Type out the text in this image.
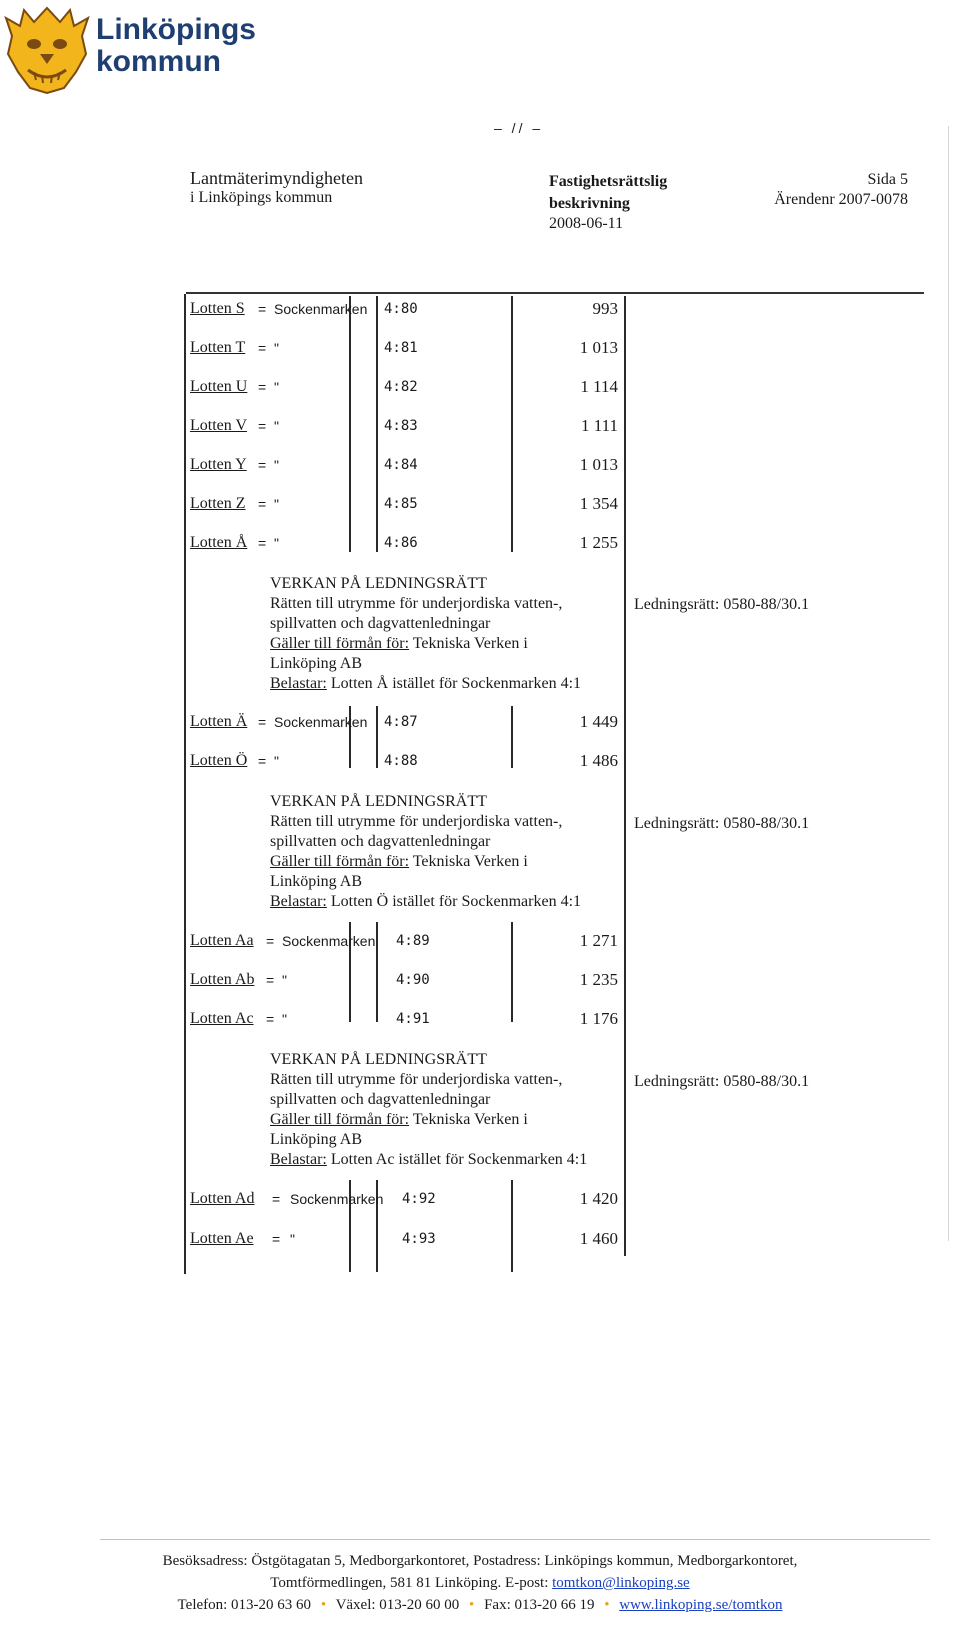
Linköpings
kommun
– // –
Lantmäterimyndigheten
i Linköpings kommun
Fastighetsrättslig
beskrivning
2008-06-11
Sida 5
Ärendenr 2007-0078
Lotten S = Sockenmarken 4:80	993
Lotten T = "	4:81	1 013
Lotten U = "	4:82	1 114
Lotten V = "	4:83	1 111
Lotten Y = "	4:84	1 013
Lotten Z = "	4:85	1 354
Lotten Å = "	4:86	1 255
VERKAN PÅ LEDNINGSRÄTT
Rätten till utrymme för underjordiska vatten-,
spillvatten och dagvattenledningar
Gäller till förmån för: Tekniska Verken i
Linköping AB
Belastar: Lotten Å istället för Sockenmarken 4:1
Ledningsrätt: 0580-88/30.1
Lotten Ä = Sockenmarken 4:87	1 449
Lotten Ö = "	4:88	1 486
VERKAN PÅ LEDNINGSRÄTT
Rätten till utrymme för underjordiska vatten-,
spillvatten och dagvattenledningar
Gäller till förmån för: Tekniska Verken i
Linköping AB
Belastar: Lotten Ö istället för Sockenmarken 4:1
Ledningsrätt: 0580-88/30.1
Lotten Aa = Sockenmarken 4:89	1 271
Lotten Ab = "	4:90	1 235
Lotten Ac = "	4:91	1 176
VERKAN PÅ LEDNINGSRÄTT
Rätten till utrymme för underjordiska vatten-,
spillvatten och dagvattenledningar
Gäller till förmån för: Tekniska Verken i
Linköping AB
Belastar: Lotten Ac istället för Sockenmarken 4:1
Ledningsrätt: 0580-88/30.1
Lotten Ad = Sockenmarken 4:92	1 420
Lotten Ae = "	4:93	1 460
Besöksadress: Östgötagatan 5, Medborgarkontoret, Postadress: Linköpings kommun, Medborgarkontoret,
Tomtförmedlingen, 581 81 Linköping. E-post: tomtkon@linkoping.se
Telefon: 013-20 63 60 • Växel: 013-20 60 00 • Fax: 013-20 66 19 • www.linkoping.se/tomtkon
